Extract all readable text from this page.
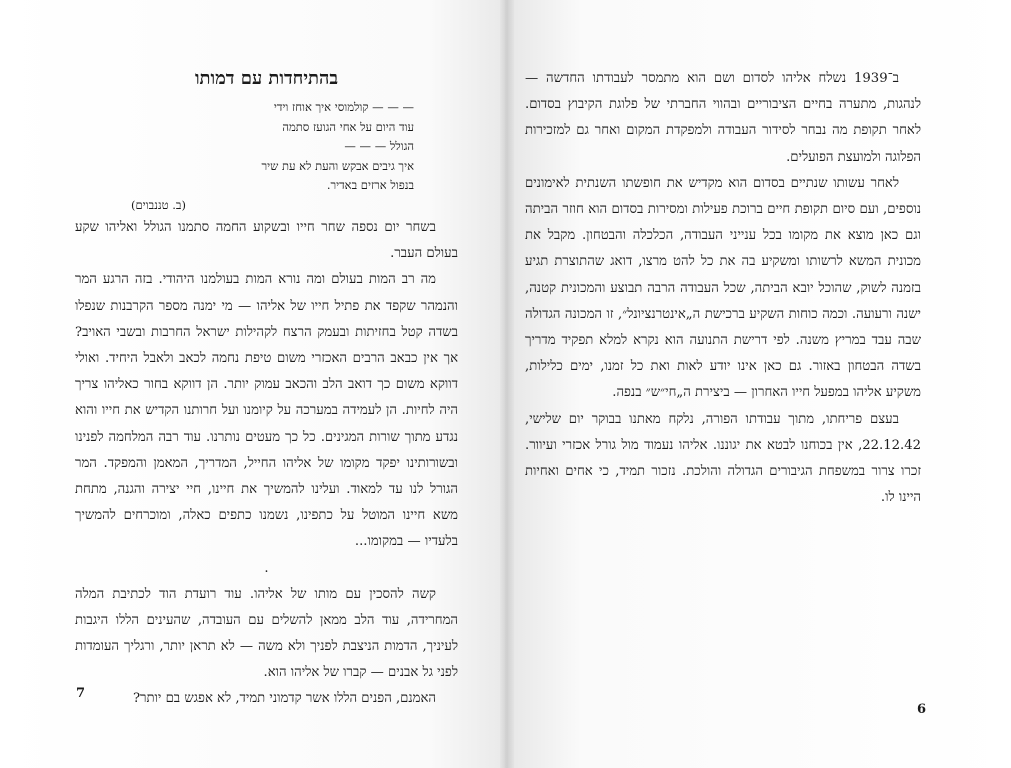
בהתיחדות עם דמותו
— — — קולמוסי איך אוחז וידי
עוד היום על אחי הגועז סתמה
הגולל — — —
איך גיבים אבקש והעת לא עת שיר
בנפול ארזים באדיר.
(ב. טננבוים)

בשחר יום נספה שחר חייו ובשקוע החמה סתמנו הגולל ואליהו שקע בעולם העבר.

מה רב המות בעולם ומה נורא המות בעולמנו היהודי. בזה הרגע המר והנמהר שקפד את פתיל חייו של אליהו — מי ימנה מספר הקרבנות שנפלו בשדה קטל בחזיתות ובעמק הרצח לקהילות ישראל החרבות ובשבי האויב? אך אין כבאב הרבים האכזרי משום טיפת נחמה לכאב ולאבל היחיד. ואולי דווקא משום כך דואב הלב והכאב עמוק יותר. הן דווקא בחור כאליהו צריך היה לחיות. הן לעמידה במערכה על קיומנו ועל חרותנו הקדיש את חייו והוא נגדע מתוך שורות המגינים. כל כך מעטים נותרנו. עוד רבה המלחמה לפנינו ובשורותינו יפקד מקומו של אליהו החייל, המדריך, המאמן והמפקד. המר הגורל לנו עד למאוד. ועלינו להמשיך את חיינו, חיי יצירה והגנה, מתחת משא חיינו המוטל על כתפינו, נשמנו כתפים כאלה, ומוכרחים להמשיך בלעדיו — במקומו...

.

קשה להסכין עם מותו של אליהו. עוד רועדת הוד לכתיבת המלה המחרידה, עוד הלב ממאן להשלים עם העובדה, שהעינים הללו היגבות לעיניך, הדמות הניצבת לפניך ולא משה — לא תראן יותר, ורגליך העומדות לפני גל אבנים — קברו של אליהו הוא.

האמנם, הפנים הללו אשר קדמוני תמיד, לא אפגש בם יותר?

ב־1939 נשלח אליהו לסדום ושם הוא מתמסר לעבודתו החדשה — לנהגות, מתערה בחיים הציבוריים ובהווי החברתי של פלוגת הקיבוץ בסדום. לאחר תקופת מה נבחר לסידור העבודה ולמפקדת המקום ואחר גם למזכירות הפלוגה ולמועצת הפועלים.

לאחר עשותו שנתיים בסדום הוא מקדיש את חופשתו השנתית לאימונים נוספים, ועם סיום תקופת חיים ברוכת פעילות ומסירות בסדום הוא חוזר הביתה וגם כאן מוצא את מקומו בכל ענייני העבודה, הכלכלה והבטחון. מקבל את מכונית המשא לרשותו ומשקיע בה את כל להט מרצו, דואג שהתוצרת תגיע בזמנה לשוק, שהוכל יובא הביתה, שכל העבודה הרבה תבוצע והמכונית קטנה, ישנה ורעועה. וכמה כוחות השקיע ברכישת ה„אינטרנציונל״, זו המכונה הגדולה שבה עבד במריץ משנה. לפי דרישת התנועה הוא נקרא למלא תפקיד מדריך בשדה הבטחון באזור. גם כאן אינו יודע לאות ואת כל זמנו, ימים כלילות, משקיע אליהו במפעל חייו האחרון — ביצירת ה„חי״ש״ בנפה.

בעצם פריחתו, מתוך עבודתו הפורה, נלקח מאתנו בבוקר יום שלישי, 22.12.42, אין בכוחנו לבטא את יגוננו. אליהו נעמוד מול גורל אכזרי ועיוור. זכרו צרור במשפחת הגיבורים הגדולה והולכת. נזכור תמיד, כי אחים ואחיות היינו לו.

7
6
